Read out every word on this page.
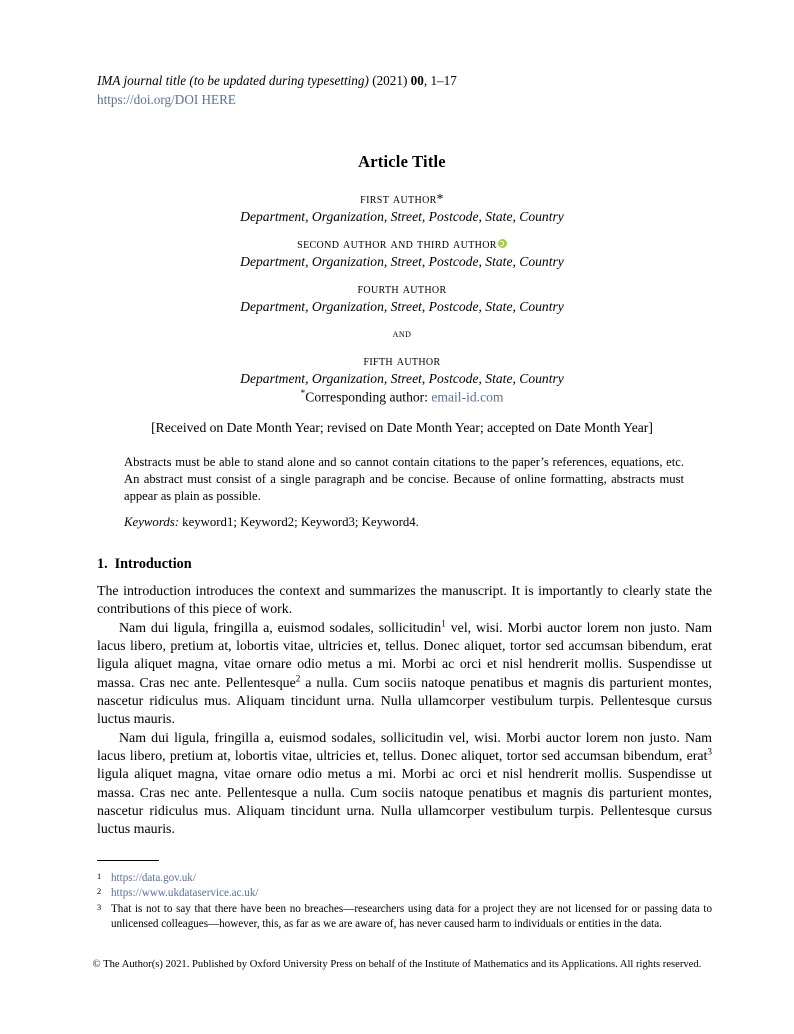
IMA journal title (to be updated during typesetting) (2021) 00, 1–17
https://doi.org/DOI HERE
Article Title
first author*
Department, Organization, Street, Postcode, State, Country
second author and third author
Department, Organization, Street, Postcode, State, Country
fourth author
Department, Organization, Street, Postcode, State, Country
and
fifth author
Department, Organization, Street, Postcode, State, Country
*Corresponding author: email-id.com
[Received on Date Month Year; revised on Date Month Year; accepted on Date Month Year]
Abstracts must be able to stand alone and so cannot contain citations to the paper’s references, equations, etc. An abstract must consist of a single paragraph and be concise. Because of online formatting, abstracts must appear as plain as possible.
Keywords: keyword1; Keyword2; Keyword3; Keyword4.
1. Introduction

The introduction introduces the context and summarizes the manuscript. It is importantly to clearly state the contributions of this piece of work.

Nam dui ligula, fringilla a, euismod sodales, sollicitudin$^1$ vel, wisi. Morbi auctor lorem non justo. Nam lacus libero, pretium at, lobortis vitae, ultricies et, tellus. Donec aliquet, tortor sed accumsan bibendum, erat ligula aliquet magna, vitae ornare odio metus a mi. Morbi ac orci et nisl hendrerit mollis. Suspendisse ut massa. Cras nec ante. Pellentesque$^2$ a nulla. Cum sociis natoque penatibus et magnis dis parturient montes, nascetur ridiculus mus. Aliquam tincidunt urna. Nulla ullamcorper vestibulum turpis. Pellentesque cursus luctus mauris.

Nam dui ligula, fringilla a, euismod sodales, sollicitudin vel, wisi. Morbi auctor lorem non justo. Nam lacus libero, pretium at, lobortis vitae, ultricies et, tellus. Donec aliquet, tortor sed accumsan bibendum, erat$^3$ ligula aliquet magna, vitae ornare odio metus a mi. Morbi ac orci et nisl hendrerit mollis. Suspendisse ut massa. Cras nec ante. Pellentesque a nulla. Cum sociis natoque penatibus et magnis dis parturient montes, nascetur ridiculus mus. Aliquam tincidunt urna. Nulla ullamcorper vestibulum turpis. Pellentesque cursus luctus mauris.

1 https://data.gov.uk/
2 https://www.ukdataservice.ac.uk/
3 That is not to say that there have been no breaches—researchers using data for a project they are not licensed for or passing data to unlicensed colleagues—however, this, as far as we are aware of, has never caused harm to individuals or entities in the data.
© The Author(s) 2021. Published by Oxford University Press on behalf of the Institute of Mathematics and its Applications. All rights reserved.
